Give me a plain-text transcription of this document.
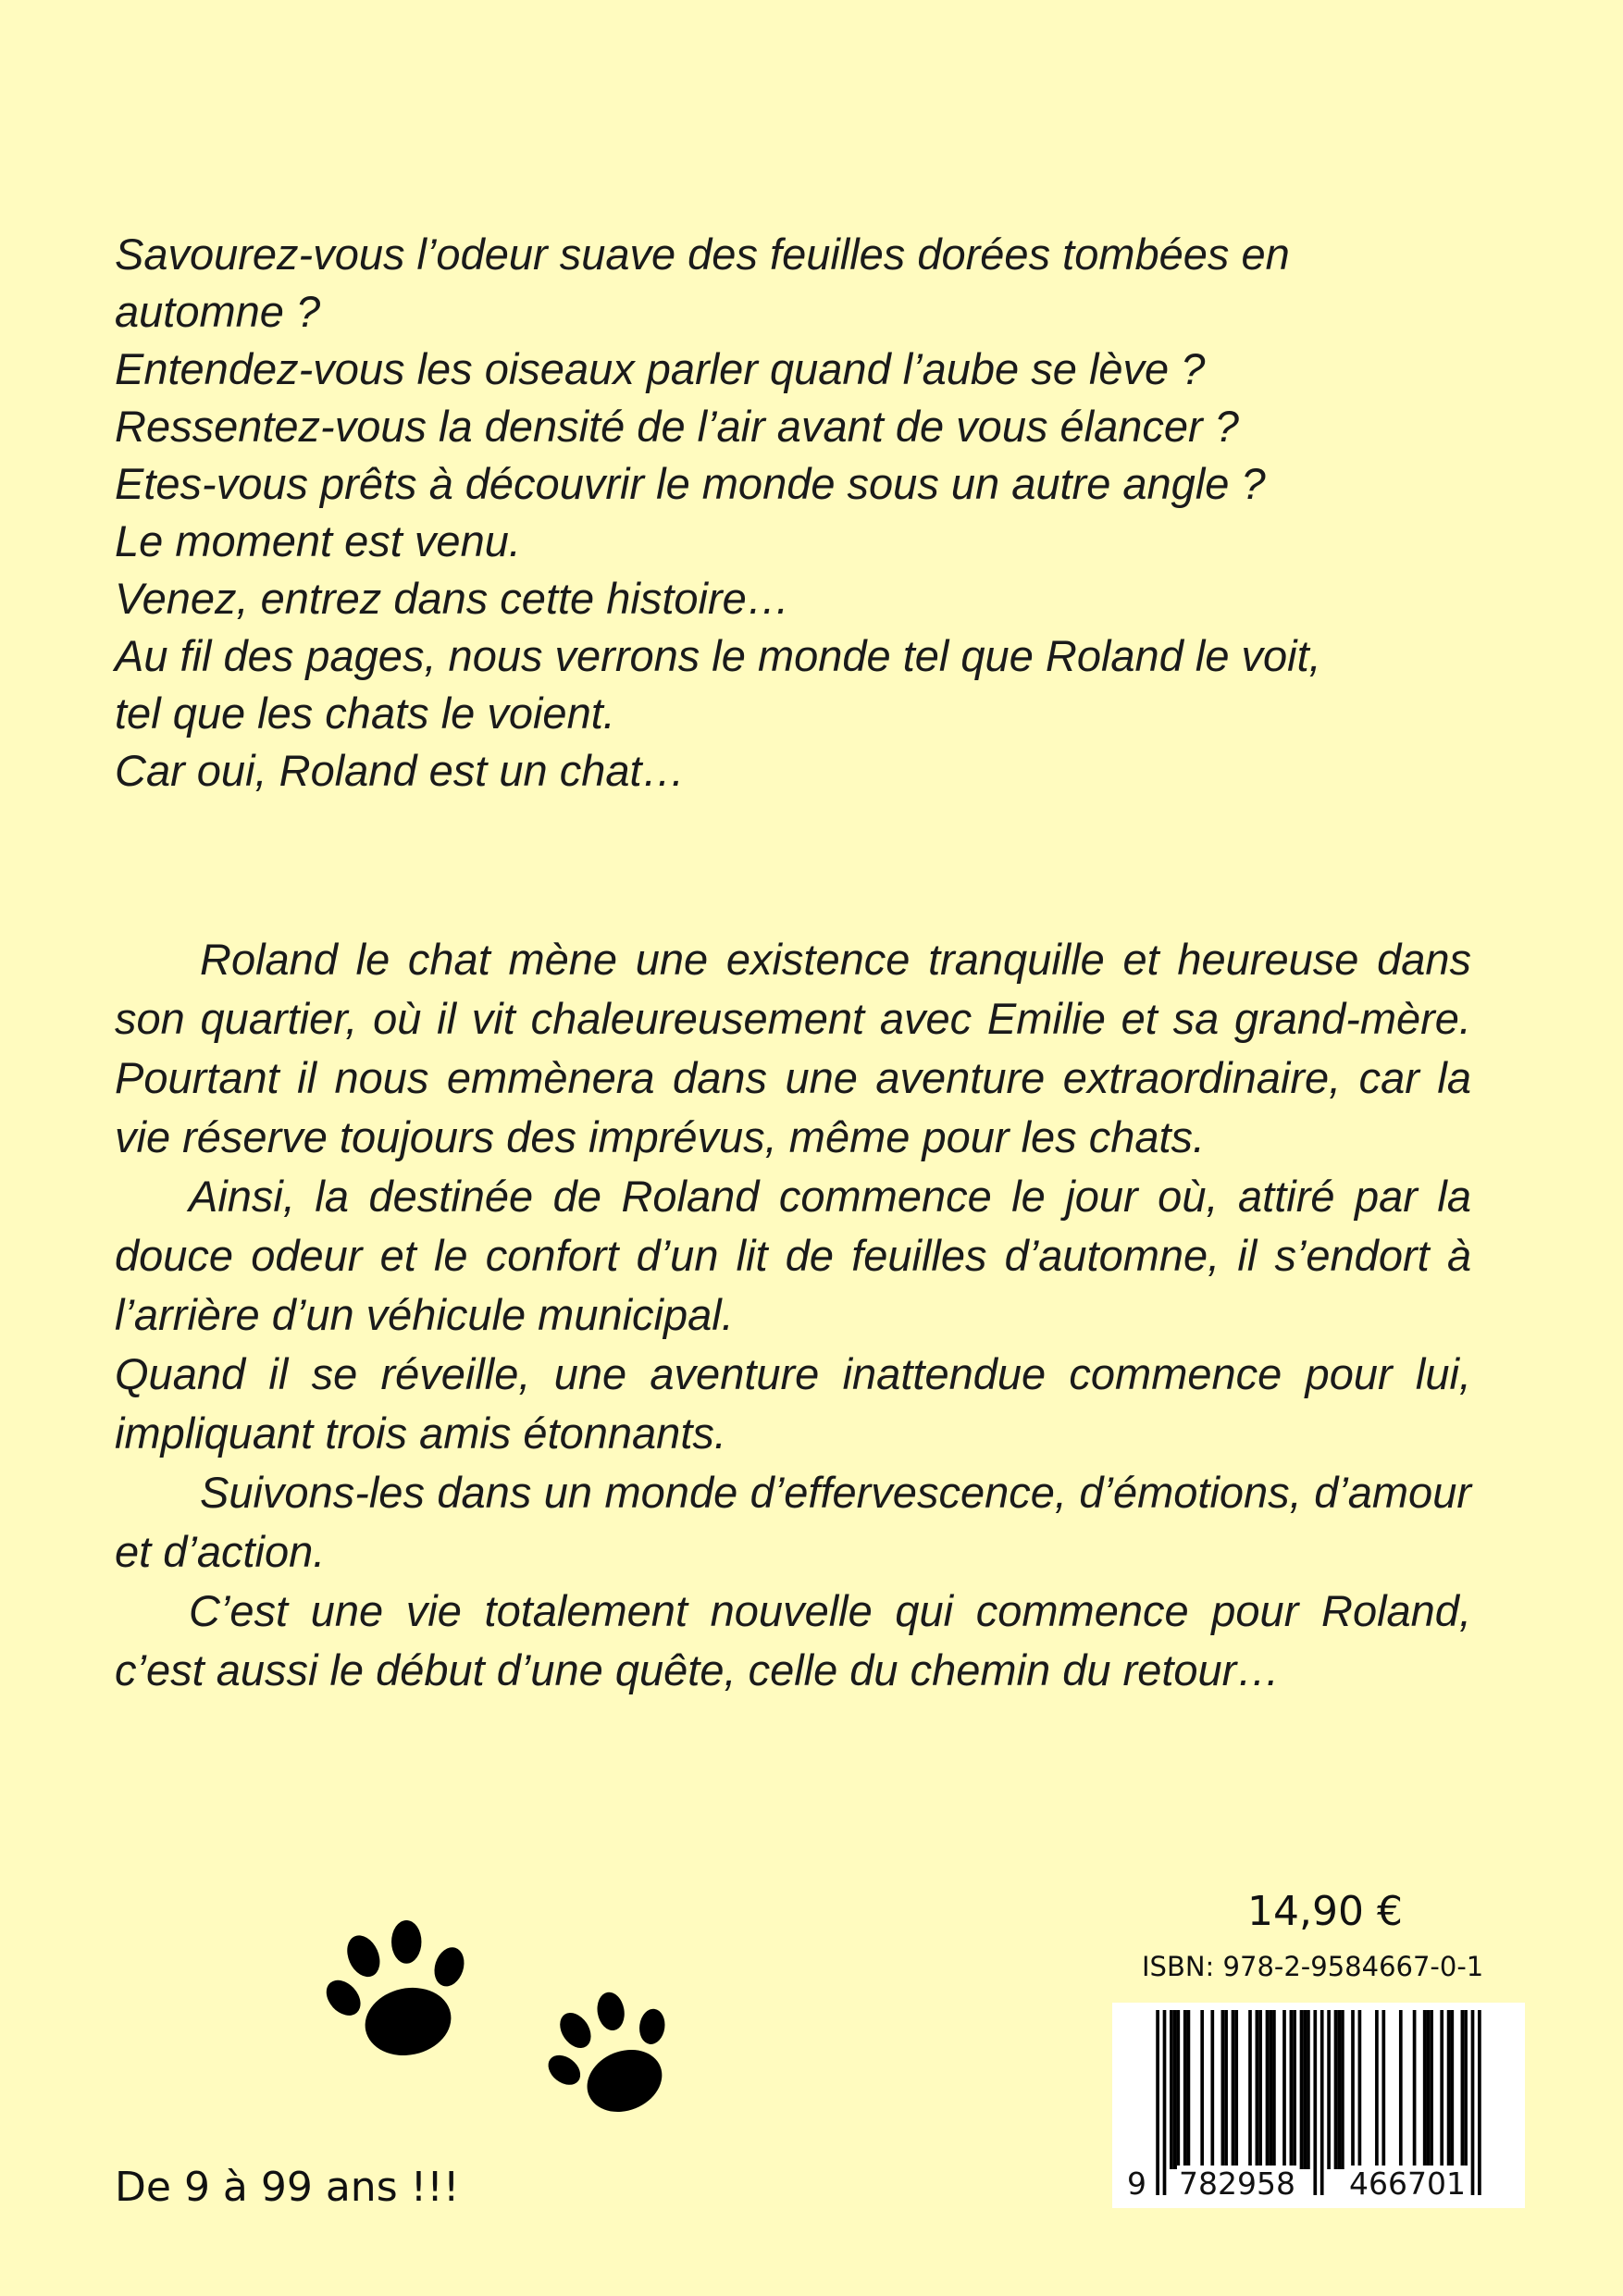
Savourez-vous l’odeur suave des feuilles dorées tombées en
automne ?
Entendez-vous les oiseaux parler quand l’aube se lève ?
Ressentez-vous la densité de l’air avant de vous élancer ?
Etes-vous prêts à découvrir le monde sous un autre angle ?
Le moment est venu.
Venez, entrez dans cette histoire…
Au fil des pages, nous verrons le monde tel que Roland le voit,
tel que les chats le voient.
Car oui, Roland est un chat…

Roland le chat mène une existence tranquille et heureuse dans son quartier, où il vit chaleureusement avec Emilie et sa grand-mère. Pourtant il nous emmènera dans une aventure extraordinaire, car la vie réserve toujours des imprévus, même pour les chats.

Ainsi, la destinée de Roland commence le jour où, attiré par la douce odeur et le confort d’un lit de feuilles d’automne, il s’endort à l’arrière d’un véhicule municipal.

Quand il se réveille, une aventure inattendue commence pour lui, impliquant trois amis étonnants.

Suivons-les dans un monde d’effervescence, d’émotions, d’amour et d’action.

C’est une vie totalement nouvelle qui commence pour Roland, c’est aussi le début d’une quête, celle du chemin du retour…

De 9 à 99 ans !!!
14,90 €
ISBN: 978-2-9584667-0-1
9 782958 466701
